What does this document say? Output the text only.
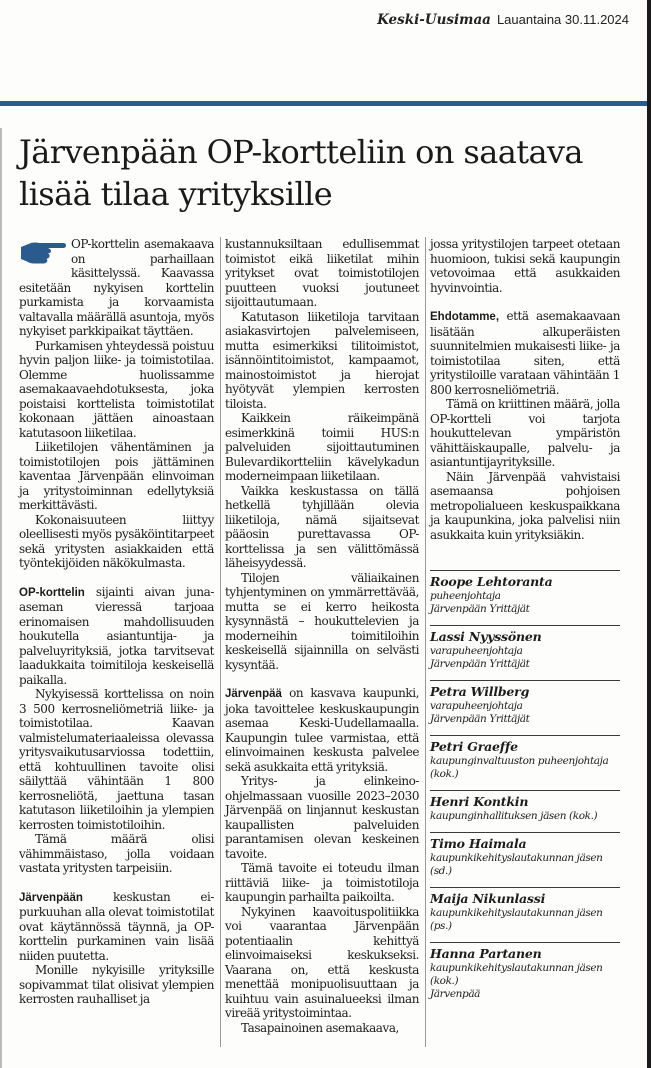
Keski-Uusimaa Lauantaina 30.11.2024
Järvenpään OP-kortteliin on saatava lisää tilaa yrityksille

OP-korttelin asemakaava on parhaillaan käsittelyssä. Kaavassa esitetään nykyisen korttelin purkamista ja korvaamista valtavalla määrällä asuntoja, myös nykyiset parkkipaikat täyttäen.

Purkamisen yhteydessä poistuu hyvin paljon liike- ja toimistotilaa. Olemme huolissamme asemakaavaehdotuksesta, joka poistaisi korttelista toimistotilat kokonaan jättäen ainoastaan katutasoon liiketilaa.

Liiketilojen vähentäminen ja toimistotilojen pois jättäminen kaventaa Järvenpään elinvoiman ja yritystoiminnan edellytyksiä merkittävästi.

Kokonaisuuteen liittyy oleellisesti myös pysäköintitarpeet sekä yritysten asiakkaiden että työntekijöiden näkökulmasta.

OP-korttelin sijainti aivan juna-aseman vieressä tarjoaa erinomaisen mahdollisuuden houkutella asiantuntija- ja palveluyrityksiä, jotka tarvitsevat laadukkaita toimitiloja keskeisellä paikalla.

Nykyisessä korttelissa on noin 3 500 kerrosneliömetriä liike- ja toimistotilaa. Kaavan valmistelumateriaaleissa olevassa yritysvaikutusarviossa todettiin, että kohtuullinen tavoite olisi säilyttää vähintään 1 800 kerrosneliötä, jaettuna tasan katutason liiketiloihin ja ylempien kerrosten toimistotiloihin.

Tämä määrä olisi vähimmäistaso, jolla voidaan vastata yritysten tarpeisiin.

Järvenpään keskustan ei-purkuuhan alla olevat toimistotilat ovat käytännössä täynnä, ja OP-korttelin purkaminen vain lisää niiden puutetta.

Monille nykyisille yrityksille sopivammat tilat olisivat ylempien kerrosten rauhalliset ja

kustannuksiltaan edullisemmat toimistot eikä liiketilat mihin yritykset ovat toimistotilojen puutteen vuoksi joutuneet sijoittautumaan.

Katutason liiketiloja tarvitaan asiakasvirtojen palvelemiseen, mutta esimerkiksi tilitoimistot, isännöintitoimistot, kampaamot, mainostoimistot ja hierojat hyötyvät ylempien kerrosten tiloista.

Kaikkein räikeimpänä esimerkkinä toimii HUS:n palveluiden sijoittautuminen Bulevardikortteliin kävelykadun moderneimpaan liiketilaan.

Vaikka keskustassa on tällä hetkellä tyhjillään olevia liiketiloja, nämä sijaitsevat pääosin purettavassa OP-korttelissa ja sen välittömässä läheisyydessä.

Tilojen väliaikainen tyhjentyminen on ymmärrettävää, mutta se ei kerro heikosta kysynnästä – houkuttelevien ja moderneihin toimitiloihin keskeisellä sijainnilla on selvästi kysyntää.

Järvenpää on kasvava kaupunki, joka tavoittelee keskuskaupungin asemaa Keski-Uudellamaalla. Kaupungin tulee varmistaa, että elinvoimainen keskusta palvelee sekä asukkaita että yrityksiä.

Yritys- ja elinkeino-ohjelmassaan vuosille 2023–2030 Järvenpää on linjannut keskustan kaupallisten palveluiden parantamisen olevan keskeinen tavoite.

Tämä tavoite ei toteudu ilman riittäviä liike- ja toimistotiloja kaupungin parhailta paikoilta.

Nykyinen kaavoituspolitiikka voi vaarantaa Järvenpään potentiaalin kehittyä elinvoimaiseksi keskukseksi. Vaarana on, että keskusta menettää monipuolisuuttaan ja kuihtuu vain asuinalueeksi ilman vireää yritystoimintaa.

Tasapainoinen asemakaava,

jossa yritystilojen tarpeet otetaan huomioon, tukisi sekä kaupungin vetovoimaa että asukkaiden hyvinvointia.

Ehdotamme, että asemakaavaan lisätään alkuperäisten suunnitelmien mukaisesti liike- ja toimistotilaa siten, että yritystiloille varataan vähintään 1 800 kerrosneliömetriä.

Tämä on kriittinen määrä, jolla OP-kortteli voi tarjota houkuttelevan ympäristön vähittäiskaupalle, palvelu- ja asiantuntijayrityksille.

Näin Järvenpää vahvistaisi asemaansa pohjoisen metropolialueen keskuspaikkana ja kaupunkina, joka palvelisi niin asukkaita kuin yrityksiäkin.

Roope Lehtoranta
puheenjohtaja
Järvenpään Yrittäjät
Lassi Nyyssönen
varapuheenjohtaja
Järvenpään Yrittäjät
Petra Willberg
varapuheenjohtaja
Järvenpään Yrittäjät
Petri Graeffe
kaupunginvaltuuston puheenjohtaja
(kok.)
Henri Kontkin
kaupunginhallituksen jäsen (kok.)
Timo Haimala
kaupunkikehityslautakunnan jäsen
(sd.)
Maija Nikunlassi
kaupunkikehityslautakunnan jäsen
(ps.)
Hanna Partanen
kaupunkikehityslautakunnan jäsen
(kok.)
Järvenpää
